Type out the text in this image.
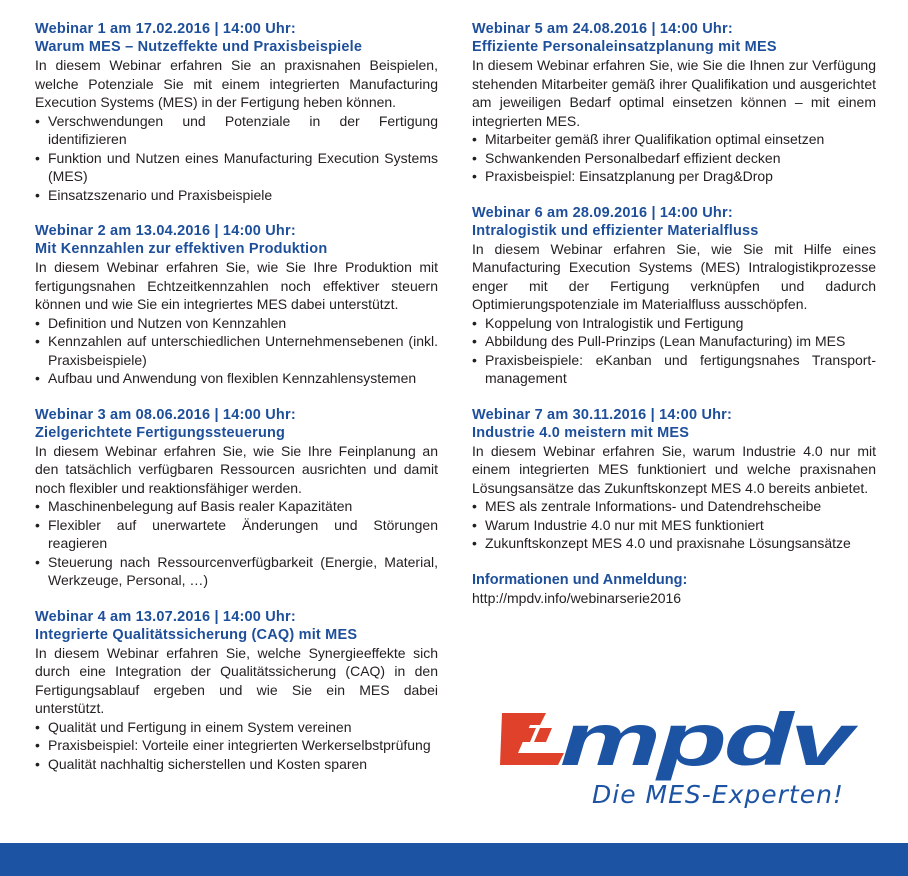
Webinar 1 am 17.02.2016 | 14:00 Uhr:
Warum MES – Nutzeffekte und Praxisbeispiele
In diesem Webinar erfahren Sie an praxisnahen Beispielen, welche Potenziale Sie mit einem integrierten Manufacturing Execution Systems (MES) in der Fertigung heben können.
• Verschwendungen und Potenziale in der Fertigung identifizieren
• Funktion und Nutzen eines Manufacturing Execution Systems (MES)
• Einsatzszenario und Praxisbeispiele
Webinar 2 am 13.04.2016 | 14:00 Uhr:
Mit Kennzahlen zur effektiven Produktion
In diesem Webinar erfahren Sie, wie Sie Ihre Produktion mit fertigungsnahen Echtzeitkennzahlen noch effektiver steuern können und wie Sie ein integriertes MES dabei unterstützt.
• Definition und Nutzen von Kennzahlen
• Kennzahlen auf unterschiedlichen Unternehmensebenen (inkl. Praxisbeispiele)
• Aufbau und Anwendung von flexiblen Kennzahlensystemen
Webinar 3 am 08.06.2016 | 14:00 Uhr:
Zielgerichtete Fertigungssteuerung
In diesem Webinar erfahren Sie, wie Sie Ihre Feinplanung an den tatsächlich verfügbaren Ressourcen ausrichten und damit noch flexibler und reaktionsfähiger werden.
• Maschinenbelegung auf Basis realer Kapazitäten
• Flexibler auf unerwartete Änderungen und Störungen reagieren
• Steuerung nach Ressourcenverfügbarkeit (Energie, Material, Werkzeuge, Personal, …)
Webinar 4 am 13.07.2016 | 14:00 Uhr:
Integrierte Qualitätssicherung (CAQ) mit MES
In diesem Webinar erfahren Sie, welche Synergieeffekte sich durch eine Integration der Qualitätssicherung (CAQ) in den Fertigungsablauf ergeben und wie Sie ein MES dabei unterstützt.
• Qualität und Fertigung in einem System vereinen
• Praxisbeispiel: Vorteile einer integrierten Werkerselbstprüfung
• Qualität nachhaltig sicherstellen und Kosten sparen
Webinar 5 am 24.08.2016 | 14:00 Uhr:
Effiziente Personaleinsatzplanung mit MES
In diesem Webinar erfahren Sie, wie Sie die Ihnen zur Verfügung stehenden Mitarbeiter gemäß ihrer Qualifikation und ausgerichtet am jeweiligen Bedarf optimal einsetzen können – mit einem integrierten MES.
• Mitarbeiter gemäß ihrer Qualifikation optimal einsetzen
• Schwankenden Personalbedarf effizient decken
• Praxisbeispiel: Einsatzplanung per Drag&Drop
Webinar 6 am 28.09.2016 | 14:00 Uhr:
Intralogistik und effizienter Materialfluss
In diesem Webinar erfahren Sie, wie Sie mit Hilfe eines Manufacturing Execution Systems (MES) Intralogistikprozesse enger mit der Fertigung verknüpfen und dadurch Optimierungspotenziale im Materialfluss ausschöpfen.
• Koppelung von Intralogistik und Fertigung
• Abbildung des Pull-Prinzips (Lean Manufacturing) im MES
• Praxisbeispiele: eKanban und fertigungsnahes Transportmanagement
Webinar 7 am 30.11.2016 | 14:00 Uhr:
Industrie 4.0 meistern mit MES
In diesem Webinar erfahren Sie, warum Industrie 4.0 nur mit einem integrierten MES funktioniert und welche praxisnahen Lösungsansätze das Zukunftskonzept MES 4.0 bereits anbietet.
• MES als zentrale Informations- und Datendrehscheibe
• Warum Industrie 4.0 nur mit MES funktioniert
• Zukunftskonzept MES 4.0 und praxisnahe Lösungsansätze
Informationen und Anmeldung:
http://mpdv.info/webinarserie2016
mpdv
Die MES-Experten!
